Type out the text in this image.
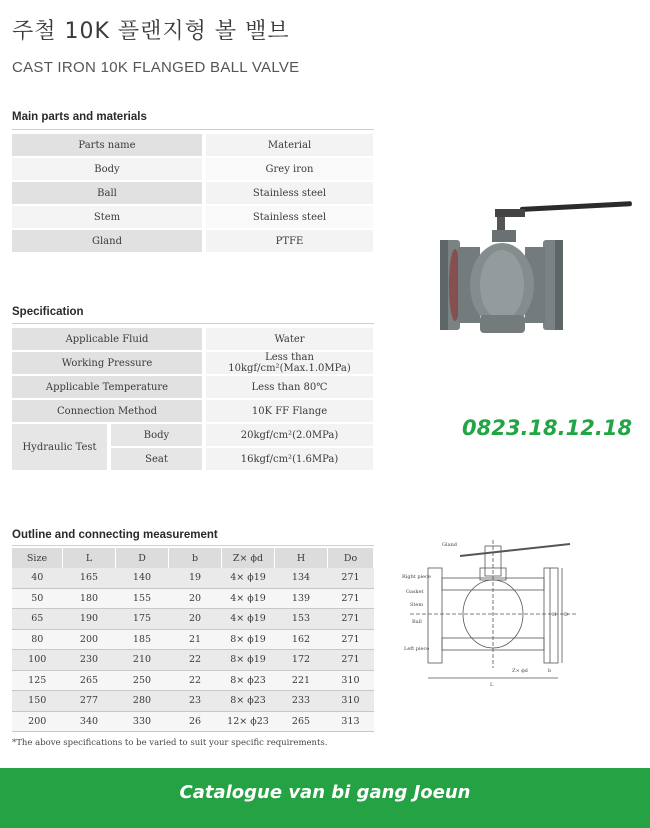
주철 10K 플랜지형 볼 밸브
CAST IRON 10K FLANGED BALL VALVE
Main parts and materials
Parts name	Material
Body	Grey iron
Ball	Stainless steel
Stem	Stainless steel
Gland	PTFE
Specification
Applicable Fluid		Water
Working Pressure		Less than 10kgf/cm²(Max.1.0MPa)
Applicable Temperature		Less than 80℃
Connection Method		10K FF Flange
Hydraulic Test	Body	20kgf/cm²(2.0MPa)
	Seat	16kgf/cm²(1.6MPa)
0823.18.12.18
Outline and connecting measurement
Size	L	D	b	Z× ϕd	H	Do
40	165	140	19	4× ϕ19	134	271
50	180	155	20	4× ϕ19	139	271
65	190	175	20	4× ϕ19	153	271
80	200	185	21	8× ϕ19	162	271
100	230	210	22	8× ϕ19	172	271
125	265	250	22	8× ϕ23	221	310
150	277	280	23	8× ϕ23	233	310
200	340	330	26	12× ϕ23	265	313
Gland
Right piece
Gasket
Stem
Ball
Left piece
H D
Z× ϕd
L
b
*The above specifications to be varied to suit your specific requirements.
Catalogue van bi gang Joeun
